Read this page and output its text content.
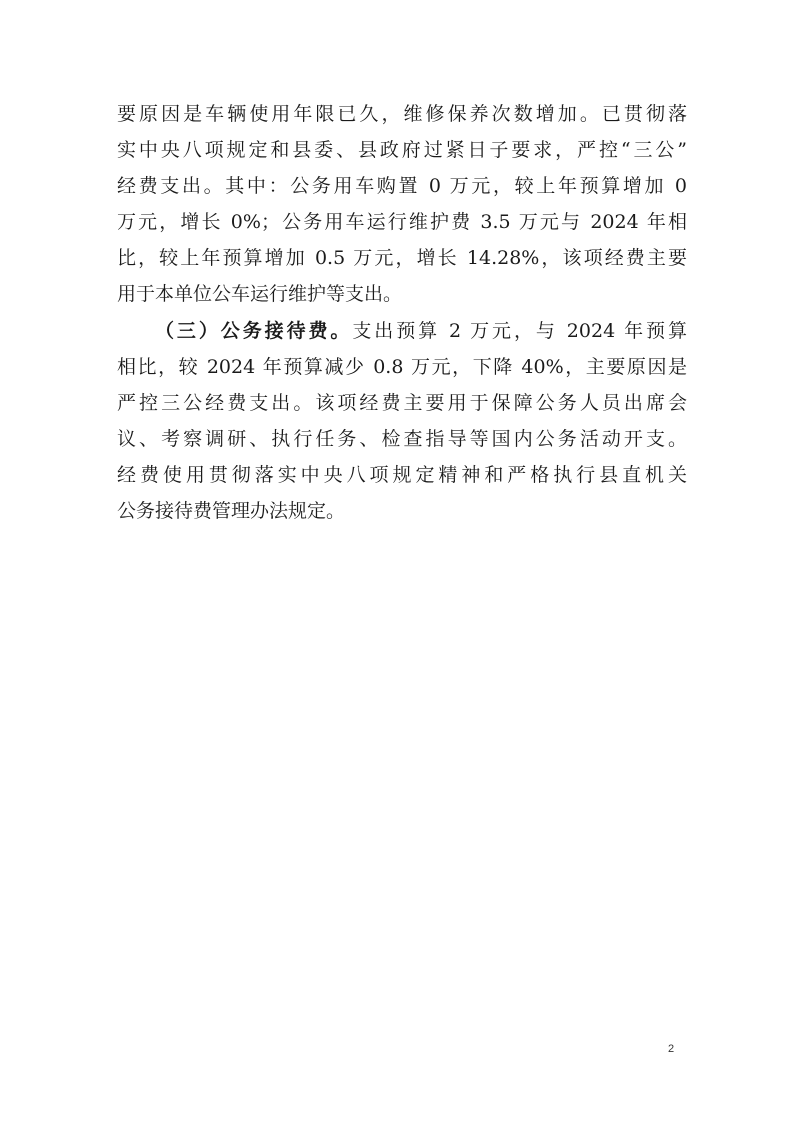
要原因是车辆使用年限已久，维修保养次数增加。已贯彻落
实中央八项规定和县委、县政府过紧日子要求，严控“三公”
经费支出。其中：公务用车购置 0 万元，较上年预算增加 0
万元，增长 0%；公务用车运行维护费 3.5 万元与 2024 年相
比，较上年预算增加 0.5 万元，增长 14.28%，该项经费主要
用于本单位公车运行维护等支出。
（三）公务接待费。支出预算 2 万元，与 2024 年预算
相比，较 2024 年预算减少 0.8 万元，下降 40%，主要原因是
严控三公经费支出。该项经费主要用于保障公务人员出席会
议、考察调研、执行任务、检查指导等国内公务活动开支。
经费使用贯彻落实中央八项规定精神和严格执行县直机关
公务接待费管理办法规定。
2
